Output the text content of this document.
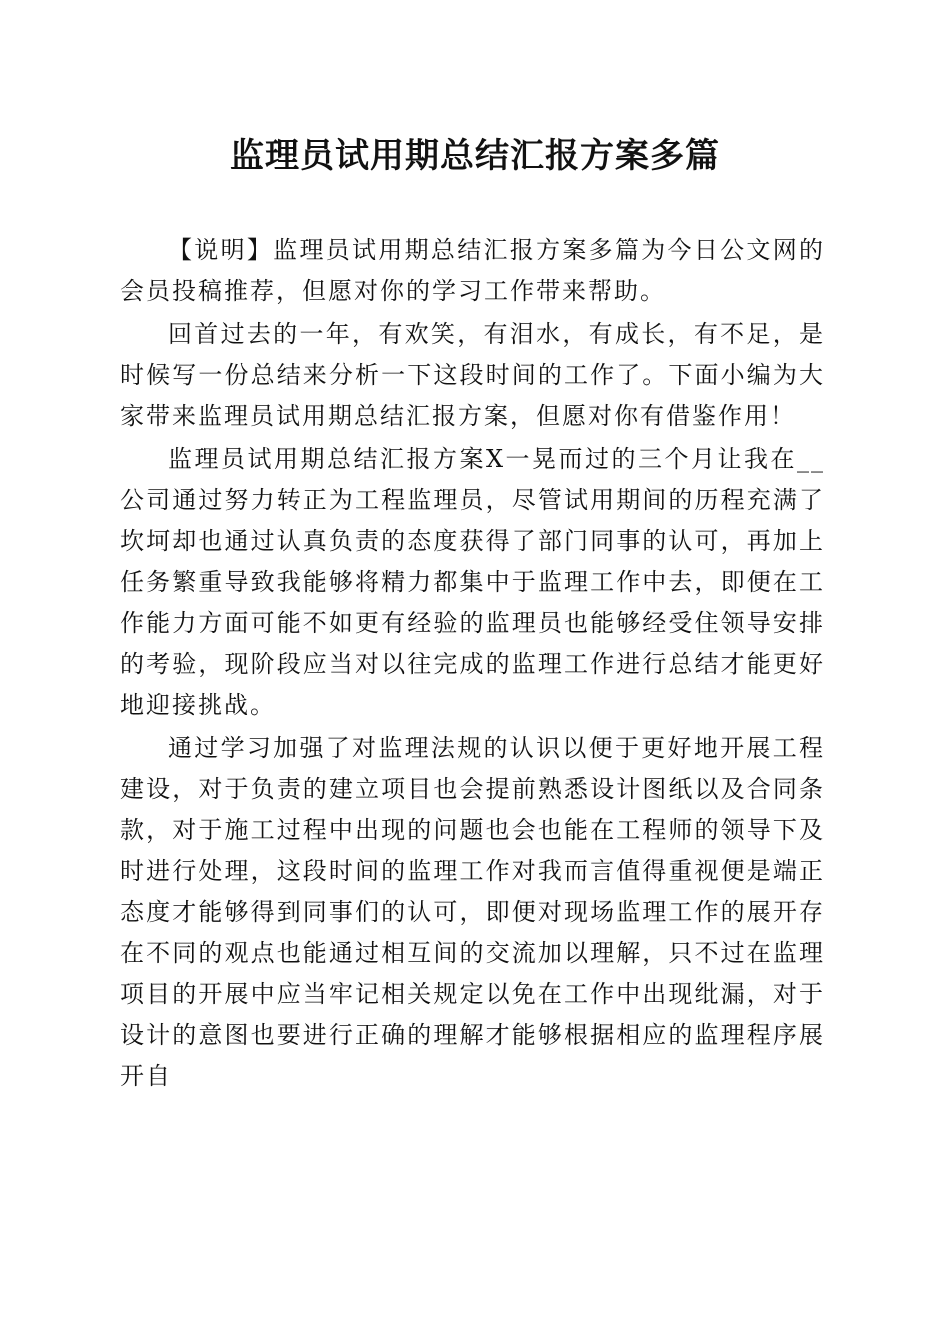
监理员试用期总结汇报方案多篇

【说明】监理员试用期总结汇报方案多篇为今日公文网的会员投稿推荐，但愿对你的学习工作带来帮助。

回首过去的一年，有欢笑，有泪水，有成长，有不足，是时候写一份总结来分析一下这段时间的工作了。下面小编为大家带来监理员试用期总结汇报方案，但愿对你有借鉴作用！

监理员试用期总结汇报方案X一晃而过的三个月让我在__公司通过努力转正为工程监理员，尽管试用期间的历程充满了坎坷却也通过认真负责的态度获得了部门同事的认可，再加上任务繁重导致我能够将精力都集中于监理工作中去，即便在工作能力方面可能不如更有经验的监理员也能够经受住领导安排的考验，现阶段应当对以往完成的监理工作进行总结才能更好地迎接挑战。

通过学习加强了对监理法规的认识以便于更好地开展工程建设，对于负责的建立项目也会提前熟悉设计图纸以及合同条款，对于施工过程中出现的问题也会也能在工程师的领导下及时进行处理，这段时间的监理工作对我而言值得重视便是端正态度才能够得到同事们的认可，即便对现场监理工作的展开存在不同的观点也能通过相互间的交流加以理解，只不过在监理项目的开展中应当牢记相关规定以免在工作中出现纰漏，对于设计的意图也要进行正确的理解才能够根据相应的监理程序展开自
